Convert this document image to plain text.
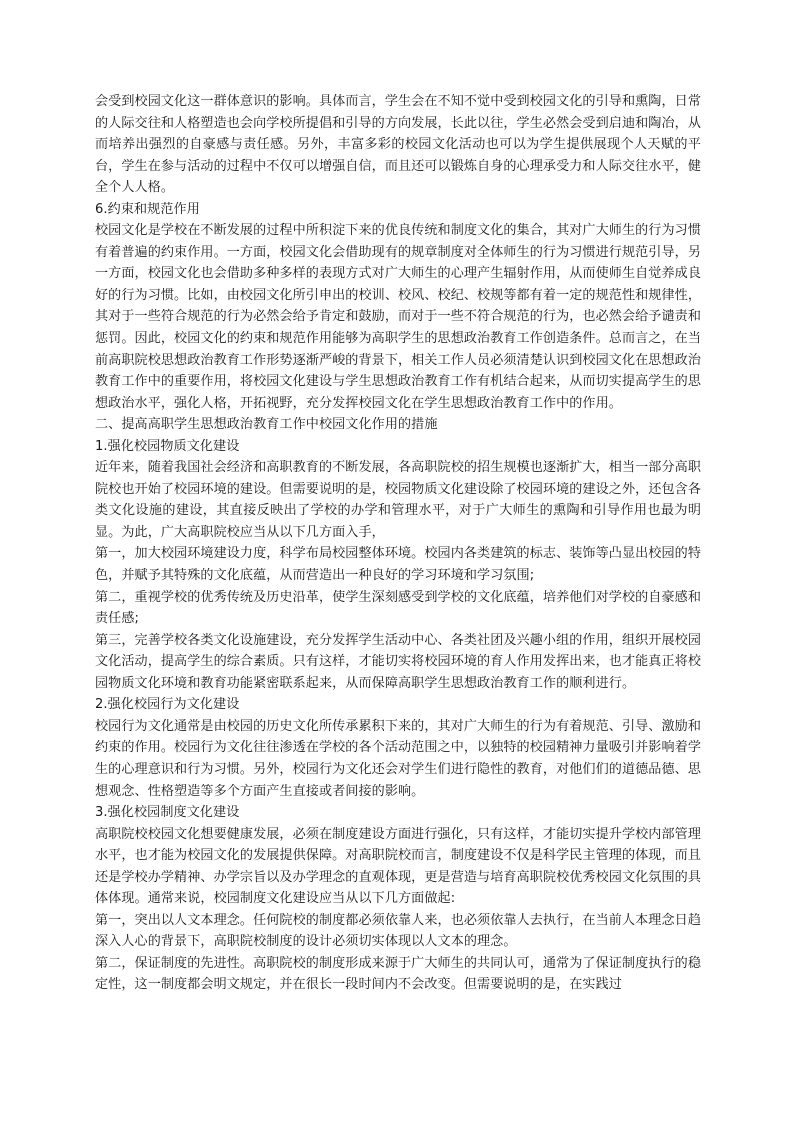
会受到校园文化这一群体意识的影响。具体而言，学生会在不知不觉中受到校园文化的引导和熏陶，日常的人际交往和人格塑造也会向学校所提倡和引导的方向发展，长此以往，学生必然会受到启迪和陶冶，从而培养出强烈的自豪感与责任感。另外，丰富多彩的校园文化活动也可以为学生提供展现个人天赋的平台，学生在参与活动的过程中不仅可以增强自信，而且还可以锻炼自身的心理承受力和人际交往水平，健全个人人格。

6.约束和规范作用

校园文化是学校在不断发展的过程中所积淀下来的优良传统和制度文化的集合，其对广大师生的行为习惯有着普遍的约束作用。一方面，校园文化会借助现有的规章制度对全体师生的行为习惯进行规范引导，另一方面，校园文化也会借助多种多样的表现方式对广大师生的心理产生辐射作用，从而使师生自觉养成良好的行为习惯。比如，由校园文化所引申出的校训、校风、校纪、校规等都有着一定的规范性和规律性，其对于一些符合规范的行为必然会给予肯定和鼓励，而对于一些不符合规范的行为，也必然会给予谴责和惩罚。因此，校园文化的约束和规范作用能够为高职学生的思想政治教育工作创造条件。总而言之，在当前高职院校思想政治教育工作形势逐渐严峻的背景下，相关工作人员必须清楚认识到校园文化在思想政治教育工作中的重要作用，将校园文化建设与学生思想政治教育工作有机结合起来，从而切实提高学生的思想政治水平，强化人格，开拓视野，充分发挥校园文化在学生思想政治教育工作中的作用。

二、提高高职学生思想政治教育工作中校园文化作用的措施

1.强化校园物质文化建设

近年来，随着我国社会经济和高职教育的不断发展，各高职院校的招生规模也逐渐扩大，相当一部分高职院校也开始了校园环境的建设。但需要说明的是，校园物质文化建设除了校园环境的建设之外，还包含各类文化设施的建设，其直接反映出了学校的办学和管理水平，对于广大师生的熏陶和引导作用也最为明显。为此，广大高职院校应当从以下几方面入手，

第一，加大校园环境建设力度，科学布局校园整体环境。校园内各类建筑的标志、装饰等凸显出校园的特色，并赋予其特殊的文化底蕴，从而营造出一种良好的学习环境和学习氛围;

第二，重视学校的优秀传统及历史沿革，使学生深刻感受到学校的文化底蕴，培养他们对学校的自豪感和责任感;

第三，完善学校各类文化设施建设，充分发挥学生活动中心、各类社团及兴趣小组的作用，组织开展校园文化活动，提高学生的综合素质。只有这样，才能切实将校园环境的育人作用发挥出来，也才能真正将校园物质文化环境和教育功能紧密联系起来，从而保障高职学生思想政治教育工作的顺利进行。

2.强化校园行为文化建设

校园行为文化通常是由校园的历史文化所传承累积下来的，其对广大师生的行为有着规范、引导、激励和约束的作用。校园行为文化往往渗透在学校的各个活动范围之中，以独特的校园精神力量吸引并影响着学生的心理意识和行为习惯。另外，校园行为文化还会对学生们进行隐性的教育，对他们们的道德品德、思想观念、性格塑造等多个方面产生直接或者间接的影响。

3.强化校园制度文化建设

高职院校校园文化想要健康发展，必须在制度建设方面进行强化，只有这样，才能切实提升学校内部管理水平，也才能为校园文化的发展提供保障。对高职院校而言，制度建设不仅是科学民主管理的体现，而且还是学校办学精神、办学宗旨以及办学理念的直观体现，更是营造与培育高职院校优秀校园文化氛围的具体体现。通常来说，校园制度文化建设应当从以下几方面做起:

第一，突出以人文本理念。任何院校的制度都必须依靠人来，也必须依靠人去执行，在当前人本理念日趋深入人心的背景下，高职院校制度的设计必须切实体现以人文本的理念。

第二，保证制度的先进性。高职院校的制度形成来源于广大师生的共同认可，通常为了保证制度执行的稳定性，这一制度都会明文规定，并在很长一段时间内不会改变。但需要说明的是，在实践过
